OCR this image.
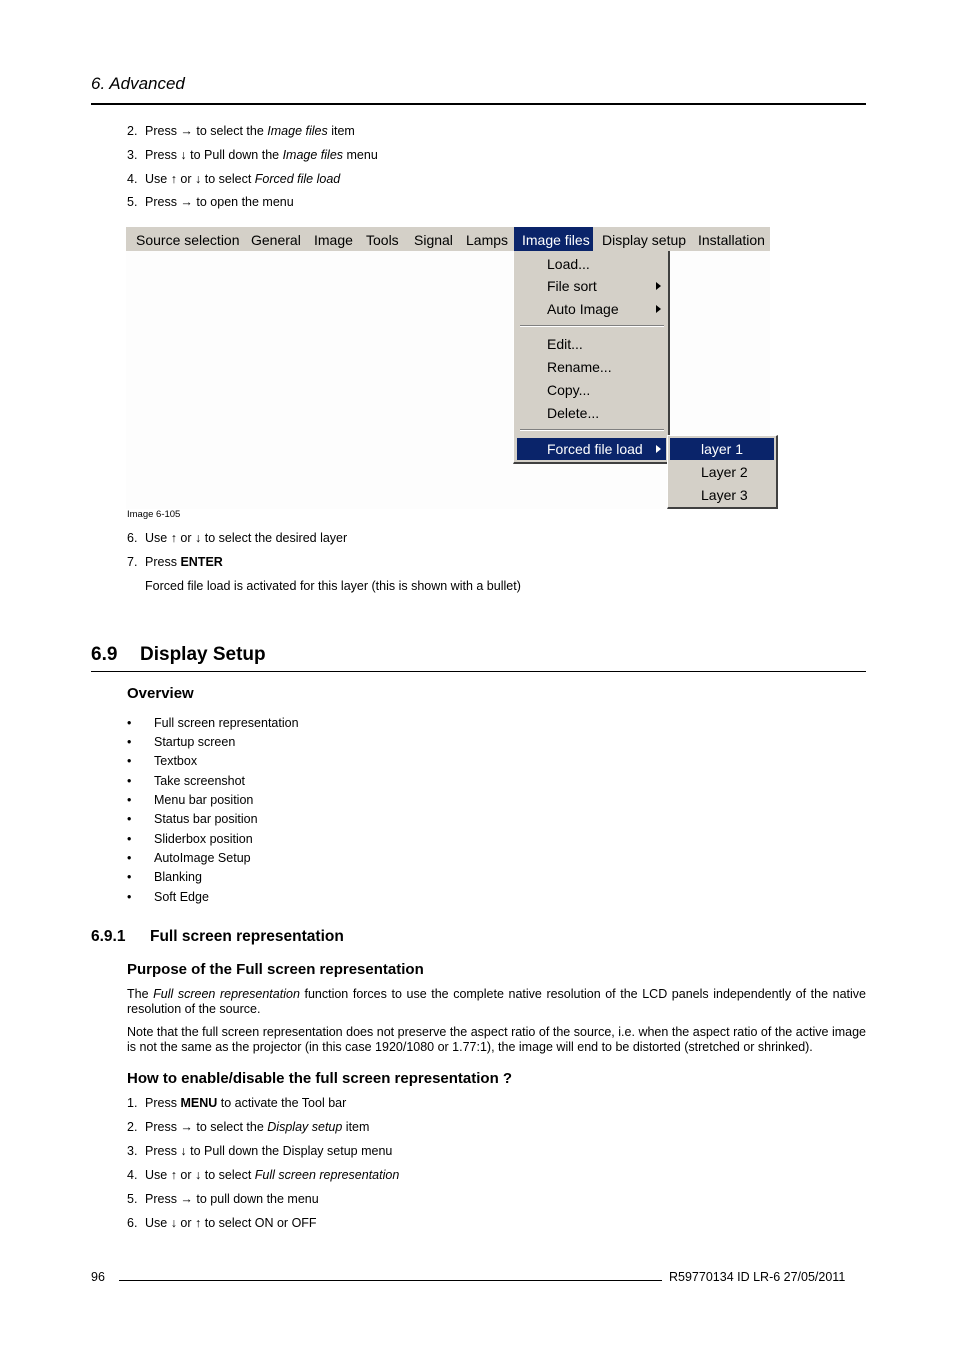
6. Advanced
2. Press → to select the Image files item
3. Press ↓ to Pull down the Image files menu
4. Use ↑ or ↓ to select Forced file load
5. Press → to open the menu
Source selection General Image Tools Signal Lamps Image files Display setup Installation
Load...
File sort
Auto Image
Edit...
Rename...
Copy...
Delete...
Forced file load	layer 1
Layer 2
Layer 3
Image 6-105
6. Use ↑ or ↓ to select the desired layer
7. Press ENTER
Forced file load is activated for this layer (this is shown with a bullet)
6.9 Display Setup
Overview
• Full screen representation
• Startup screen
• Textbox
• Take screenshot
• Menu bar position
• Status bar position
• Sliderbox position
• AutoImage Setup
• Blanking
• Soft Edge
6.9.1 Full screen representation
Purpose of the Full screen representation
The Full screen representation function forces to use the complete native resolution of the LCD panels independently of the native resolution of the source.
Note that the full screen representation does not preserve the aspect ratio of the source, i.e. when the aspect ratio of the active image is not the same as the projector (in this case 1920/1080 or 1.77:1), the image will end to be distorted (stretched or shrinked).
How to enable/disable the full screen representation ?
1. Press MENU to activate the Tool bar
2. Press → to select the Display setup item
3. Press ↓ to Pull down the Display setup menu
4. Use ↑ or ↓ to select Full screen representation
5. Press → to pull down the menu
6. Use ↓ or ↑ to select ON or OFF
96	R59770134 ID LR-6 27/05/2011
